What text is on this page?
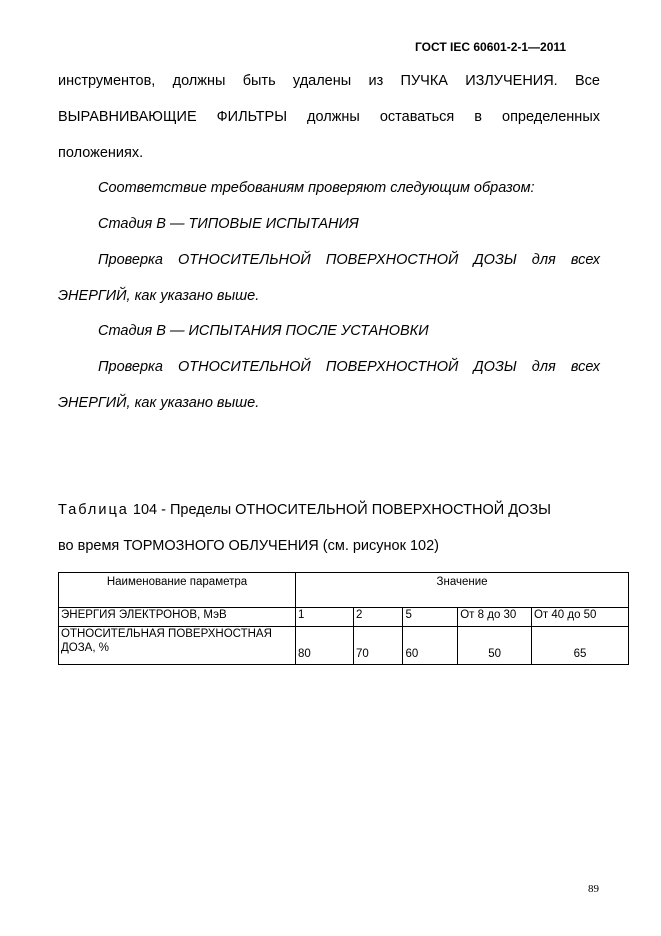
ГОСТ IEC 60601-2-1—2011
инструментов, должны быть удалены из ПУЧКА ИЗЛУЧЕНИЯ. Все
ВЫРАВНИВАЮЩИЕ ФИЛЬТРЫ должны оставаться в определенных
положениях.
Соответствие требованиям проверяют следующим образом:
Стадия В — ТИПОВЫЕ ИСПЫТАНИЯ
Проверка ОТНОСИТЕЛЬНОЙ ПОВЕРХНОСТНОЙ ДОЗЫ для всех
ЭНЕРГИЙ, как указано выше.
Стадия В — ИСПЫТАНИЯ ПОСЛЕ УСТАНОВКИ
Проверка ОТНОСИТЕЛЬНОЙ ПОВЕРХНОСТНОЙ ДОЗЫ для всех
ЭНЕРГИЙ, как указано выше.
Таблица 104 - Пределы ОТНОСИТЕЛЬНОЙ ПОВЕРХНОСТНОЙ ДОЗЫ
во время ТОРМОЗНОГО ОБЛУЧЕНИЯ (см. рисунок 102)
Наименование параметра	Значение				
ЭНЕРГИЯ ЭЛЕКТРОНОВ, МэВ	1	2	5	От 8 до 30	От 40 до 50

ОТНОСИТЕЛЬНАЯ ПОВЕРХНОСТНАЯ
ДОЗА, %	80	70	60	50	65
89
